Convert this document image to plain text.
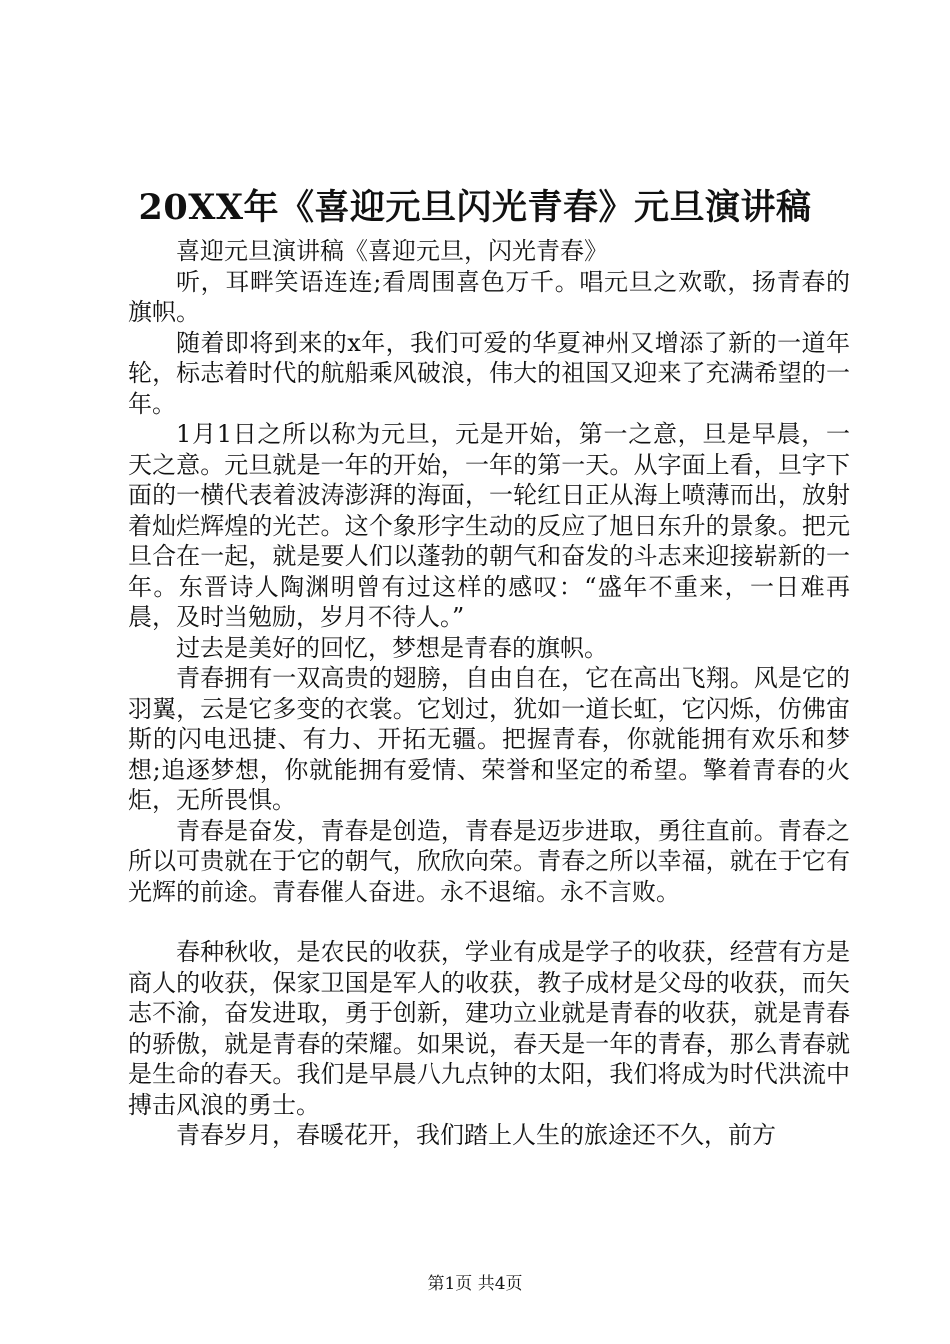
20XX年《喜迎元旦闪光青春》元旦演讲稿

喜迎元旦演讲稿《喜迎元旦，闪光青春》

听，耳畔笑语连连;看周围喜色万千。唱元旦之欢歌，扬青春的旗帜。

随着即将到来的x年，我们可爱的华夏神州又增添了新的一道年轮，标志着时代的航船乘风破浪，伟大的祖国又迎来了充满希望的一年。

1月1日之所以称为元旦，元是开始，第一之意，旦是早晨，一天之意。元旦就是一年的开始，一年的第一天。从字面上看，旦字下面的一横代表着波涛澎湃的海面，一轮红日正从海上喷薄而出，放射着灿烂辉煌的光芒。这个象形字生动的反应了旭日东升的景象。把元旦合在一起，就是要人们以蓬勃的朝气和奋发的斗志来迎接崭新的一年。东晋诗人陶渊明曾有过这样的感叹：“盛年不重来，一日难再晨，及时当勉励，岁月不待人。”

过去是美好的回忆，梦想是青春的旗帜。

青春拥有一双高贵的翅膀，自由自在，它在高出飞翔。风是它的羽翼，云是它多变的衣裳。它划过，犹如一道长虹，它闪烁，仿佛宙斯的闪电迅捷、有力、开拓无疆。把握青春，你就能拥有欢乐和梦想;追逐梦想，你就能拥有爱情、荣誉和坚定的希望。擎着青春的火炬，无所畏惧。

青春是奋发，青春是创造，青春是迈步进取，勇往直前。青春之所以可贵就在于它的朝气，欣欣向荣。青春之所以幸福，就在于它有光辉的前途。青春催人奋进。永不退缩。永不言败。

春种秋收，是农民的收获，学业有成是学子的收获，经营有方是商人的收获，保家卫国是军人的收获，教子成材是父母的收获，而矢志不渝，奋发进取，勇于创新，建功立业就是青春的收获，就是青春的骄傲，就是青春的荣耀。如果说，春天是一年的青春，那么青春就是生命的春天。我们是早晨八九点钟的太阳，我们将成为时代洪流中搏击风浪的勇士。

青春岁月，春暖花开，我们踏上人生的旅途还不久，前方

第1页 共4页
